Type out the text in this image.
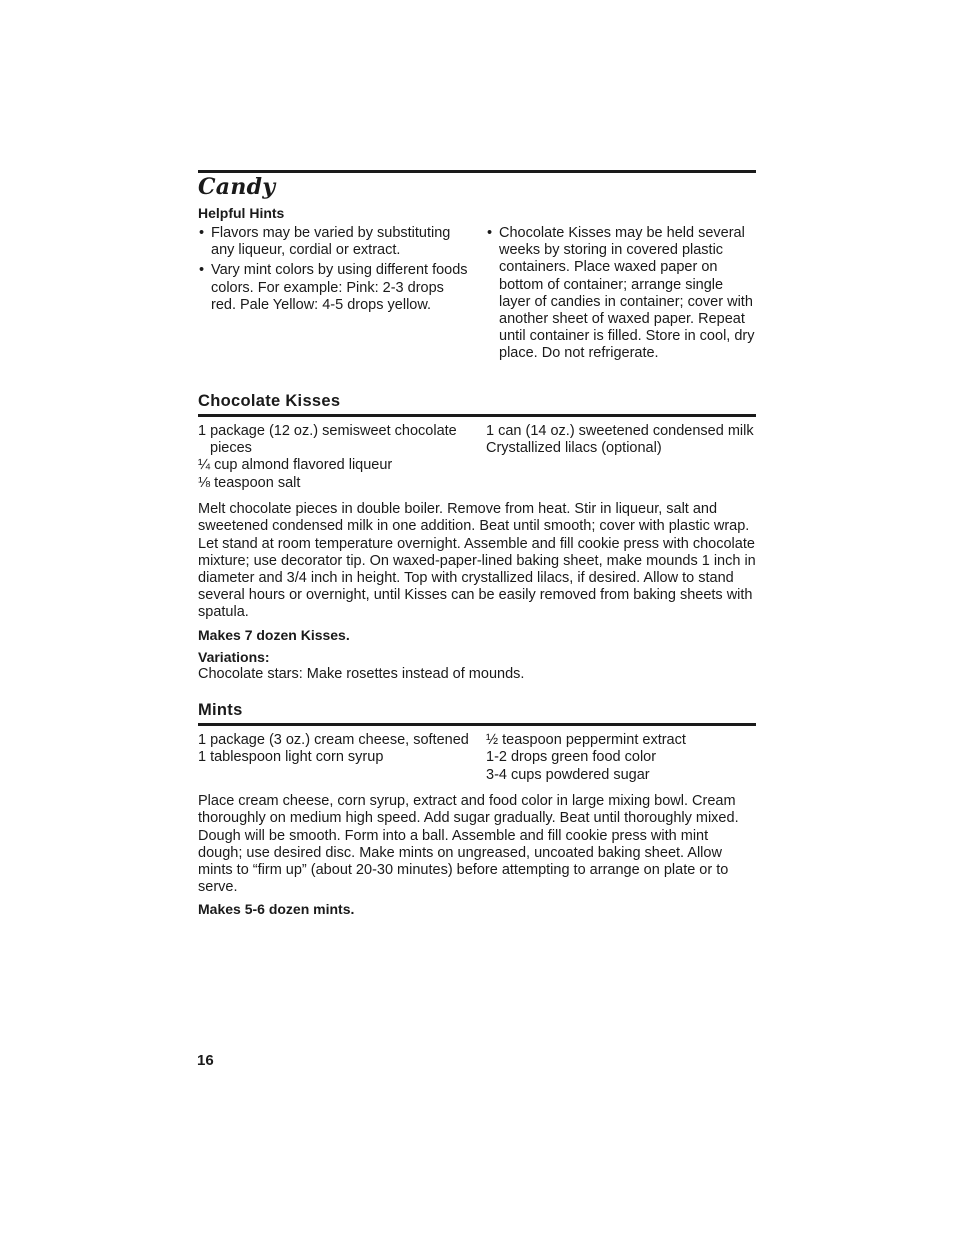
Candy
Helpful Hints
• Flavors may be varied by substituting any liqueur, cordial or extract.
• Vary mint colors by using different foods colors. For example: Pink: 2-3 drops red. Pale Yellow: 4-5 drops yellow.
• Chocolate Kisses may be held several weeks by storing in covered plastic containers. Place waxed paper on bottom of container; arrange single layer of candies in container; cover with another sheet of waxed paper. Repeat until container is filled. Store in cool, dry place. Do not refrigerate.
Chocolate Kisses
1 package (12 oz.) semisweet chocolate pieces
¼ cup almond flavored liqueur
⅛ teaspoon salt
1 can (14 oz.) sweetened condensed milk
Crystallized lilacs (optional)

Melt chocolate pieces in double boiler. Remove from heat. Stir in liqueur, salt and sweetened condensed milk in one addition. Beat until smooth; cover with plastic wrap. Let stand at room temperature overnight. Assemble and fill cookie press with chocolate mixture; use decorator tip. On waxed-paper-lined baking sheet, make mounds 1 inch in diameter and 3/4 inch in height. Top with crystallized lilacs, if desired. Allow to stand several hours or overnight, until Kisses can be easily removed from baking sheets with spatula.

Makes 7 dozen Kisses.

Variations:

Chocolate stars: Make rosettes instead of mounds.

Mints
1 package (3 oz.) cream cheese, softened
1 tablespoon light corn syrup
½ teaspoon peppermint extract
1-2 drops green food color
3-4 cups powdered sugar

Place cream cheese, corn syrup, extract and food color in large mixing bowl. Cream thoroughly on medium high speed. Add sugar gradually. Beat until thoroughly mixed. Dough will be smooth. Form into a ball. Assemble and fill cookie press with mint dough; use desired disc. Make mints on ungreased, uncoated baking sheet. Allow mints to “firm up” (about 20-30 minutes) before attempting to arrange on plate or to serve.

Makes 5-6 dozen mints.

16
